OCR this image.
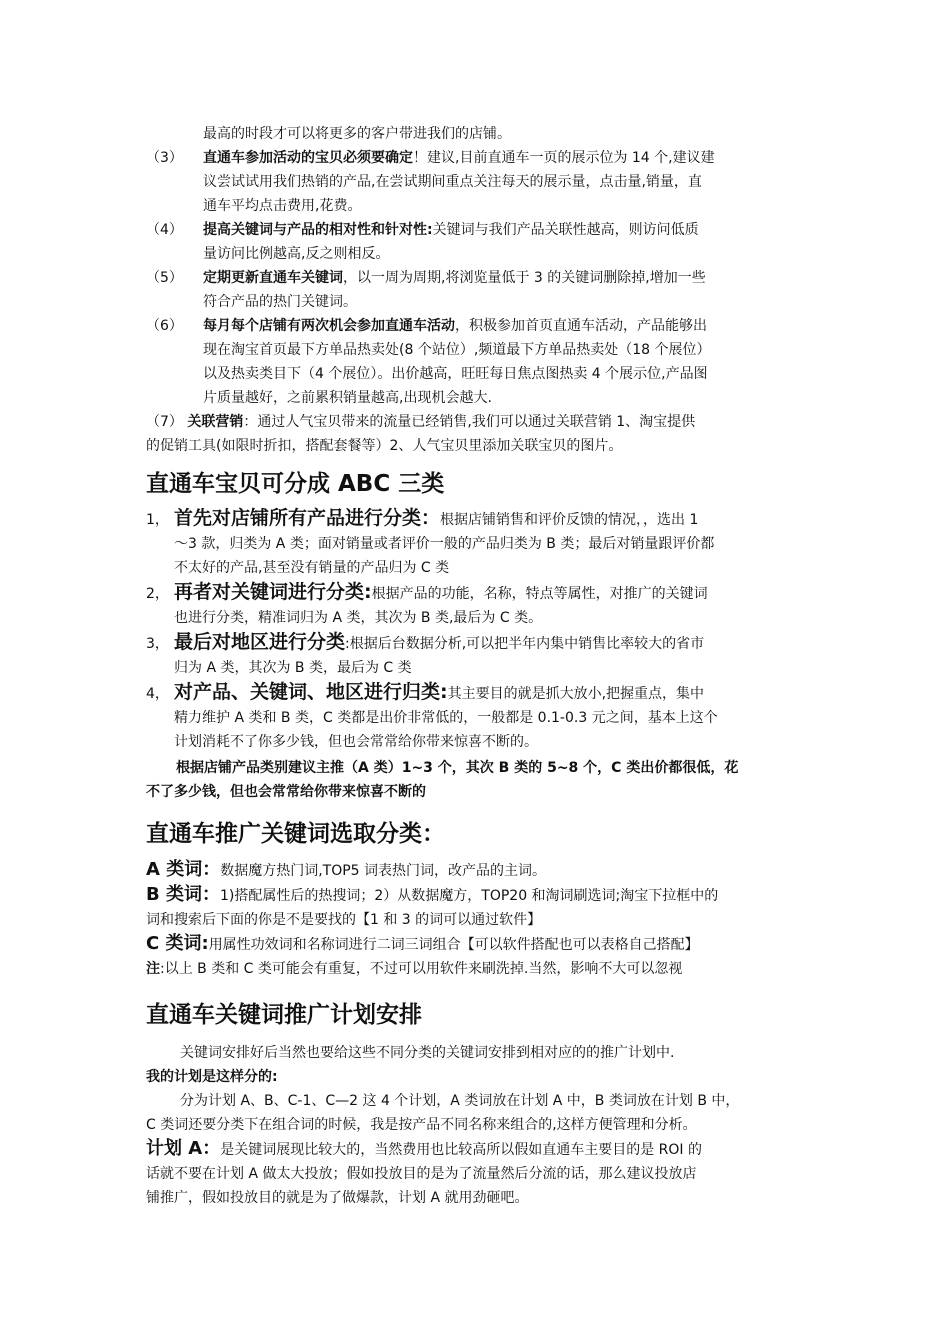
最高的时段才可以将更多的客户带进我们的店铺。
（3）	直通车参加活动的宝贝必须要确定！建议,目前直通车一页的展示位为 14 个,建议建
议尝试试用我们热销的产品,在尝试期间重点关注每天的展示量，点击量,销量，直
通车平均点击费用,花费。
（4）	提高关键词与产品的相对性和针对性:关键词与我们产品关联性越高，则访问低质
量访问比例越高,反之则相反。
（5）	定期更新直通车关键词，以一周为周期,将浏览量低于 3 的关键词删除掉,增加一些
符合产品的热门关键词。
（6）	每月每个店铺有两次机会参加直通车活动，积极参加首页直通车活动，产品能够出
现在淘宝首页最下方单品热卖处(8 个站位）,频道最下方单品热卖处（18 个展位）
以及热卖类目下（4 个展位）。出价越高，旺旺每日焦点图热卖 4 个展示位,产品图
片质量越好，之前累积销量越高,出现机会越大.
（7） 关联营销：通过人气宝贝带来的流量已经销售,我们可以通过关联营销 1、淘宝提供
的促销工具(如限时折扣，搭配套餐等）2、人气宝贝里添加关联宝贝的图片。
直通车宝贝可分成 ABC 三类
1， 首先对店铺所有产品进行分类：根据店铺销售和评价反馈的情况，，选出 1
～3 款，归类为 A 类；面对销量或者评价一般的产品归类为 B 类；最后对销量跟评价都
不太好的产品,甚至没有销量的产品归为 C 类
2， 再者对关键词进行分类:根据产品的功能，名称，特点等属性，对推广的关键词
也进行分类，精准词归为 A 类，其次为 B 类,最后为 C 类。
3， 最后对地区进行分类:根据后台数据分析,可以把半年内集中销售比率较大的省市
归为 A 类，其次为 B 类，最后为 C 类
4， 对产品、关键词、地区进行归类:其主要目的就是抓大放小,把握重点，集中
精力维护 A 类和 B 类，C 类都是出价非常低的，一般都是 0.1-0.3 元之间，基本上这个
计划消耗不了你多少钱，但也会常常给你带来惊喜不断的。
根据店铺产品类别建议主推（A 类）1~3 个，其次 B 类的 5~8 个，C 类出价都很低，花
不了多少钱，但也会常常给你带来惊喜不断的
直通车推广关键词选取分类：
A 类词：数据魔方热门词,TOP5 词表热门词，改产品的主词。
B 类词：1)搭配属性后的热搜词；2）从数据魔方，TOP20 和淘词刷选词;淘宝下拉框中的
词和搜索后下面的你是不是要找的【1 和 3 的词可以通过软件】
C 类词:用属性功效词和名称词进行二词三词组合【可以软件搭配也可以表格自己搭配】
注:以上 B 类和 C 类可能会有重复，不过可以用软件来刷洗掉.当然，影响不大可以忽视
直通车关键词推广计划安排
关键词安排好后当然也要给这些不同分类的关键词安排到相对应的的推广计划中.
我的计划是这样分的:
分为计划 A、B、C-1、C—2 这 4 个计划，A 类词放在计划 A 中，B 类词放在计划 B 中，
C 类词还要分类下在组合词的时候，我是按产品不同名称来组合的,这样方便管理和分析。
计划 A：是关键词展现比较大的，当然费用也比较高所以假如直通车主要目的是 ROI 的
话就不要在计划 A 做太大投放；假如投放目的是为了流量然后分流的话，那么建议投放店
铺推广，假如投放目的就是为了做爆款，计划 A 就用劲砸吧。
